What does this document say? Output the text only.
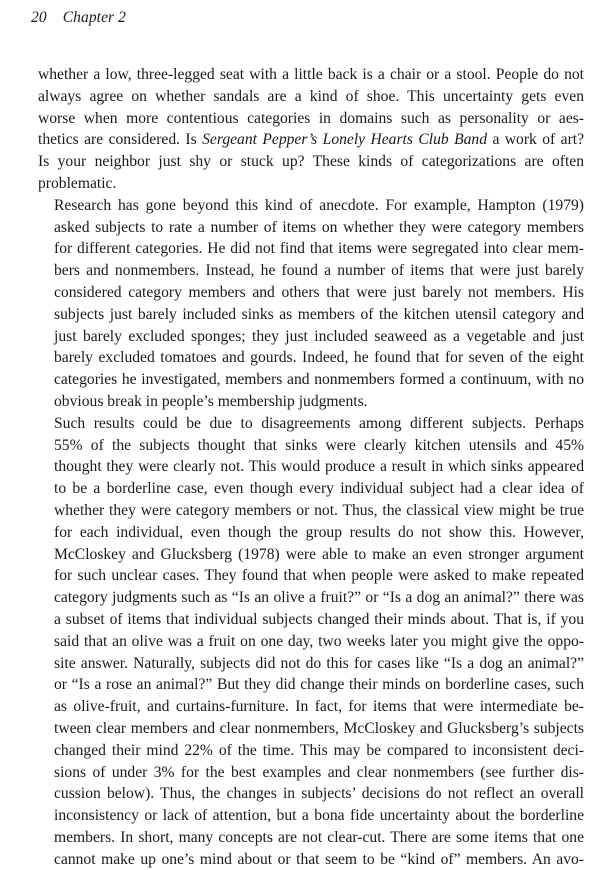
20 Chapter 2

whether a low, three-legged seat with a little back is a chair or a stool. People do not
always agree on whether sandals are a kind of shoe. This uncertainty gets even
worse when more contentious categories in domains such as personality or aes-
thetics are considered. Is Sergeant Pepper’s Lonely Hearts Club Band a work of art?
Is your neighbor just shy or stuck up? These kinds of categorizations are often
problematic.

Research has gone beyond this kind of anecdote. For example, Hampton (1979)
asked subjects to rate a number of items on whether they were category members
for different categories. He did not find that items were segregated into clear mem-
bers and nonmembers. Instead, he found a number of items that were just barely
considered category members and others that were just barely not members. His
subjects just barely included sinks as members of the kitchen utensil category and
just barely excluded sponges; they just included seaweed as a vegetable and just
barely excluded tomatoes and gourds. Indeed, he found that for seven of the eight
categories he investigated, members and nonmembers formed a continuum, with no
obvious break in people’s membership judgments.

Such results could be due to disagreements among different subjects. Perhaps
55% of the subjects thought that sinks were clearly kitchen utensils and 45%
thought they were clearly not. This would produce a result in which sinks appeared
to be a borderline case, even though every individual subject had a clear idea of
whether they were category members or not. Thus, the classical view might be true
for each individual, even though the group results do not show this. However,
McCloskey and Glucksberg (1978) were able to make an even stronger argument
for such unclear cases. They found that when people were asked to make repeated
category judgments such as “Is an olive a fruit?” or “Is a dog an animal?” there was
a subset of items that individual subjects changed their minds about. That is, if you
said that an olive was a fruit on one day, two weeks later you might give the oppo-
site answer. Naturally, subjects did not do this for cases like “Is a dog an animal?”
or “Is a rose an animal?” But they did change their minds on borderline cases, such
as olive-fruit, and curtains-furniture. In fact, for items that were intermediate be-
tween clear members and clear nonmembers, McCloskey and Glucksberg’s subjects
changed their mind 22% of the time. This may be compared to inconsistent deci-
sions of under 3% for the best examples and clear nonmembers (see further dis-
cussion below). Thus, the changes in subjects’ decisions do not reflect an overall
inconsistency or lack of attention, but a bona fide uncertainty about the borderline
members. In short, many concepts are not clear-cut. There are some items that one
cannot make up one’s mind about or that seem to be “kind of” members. An avo-
